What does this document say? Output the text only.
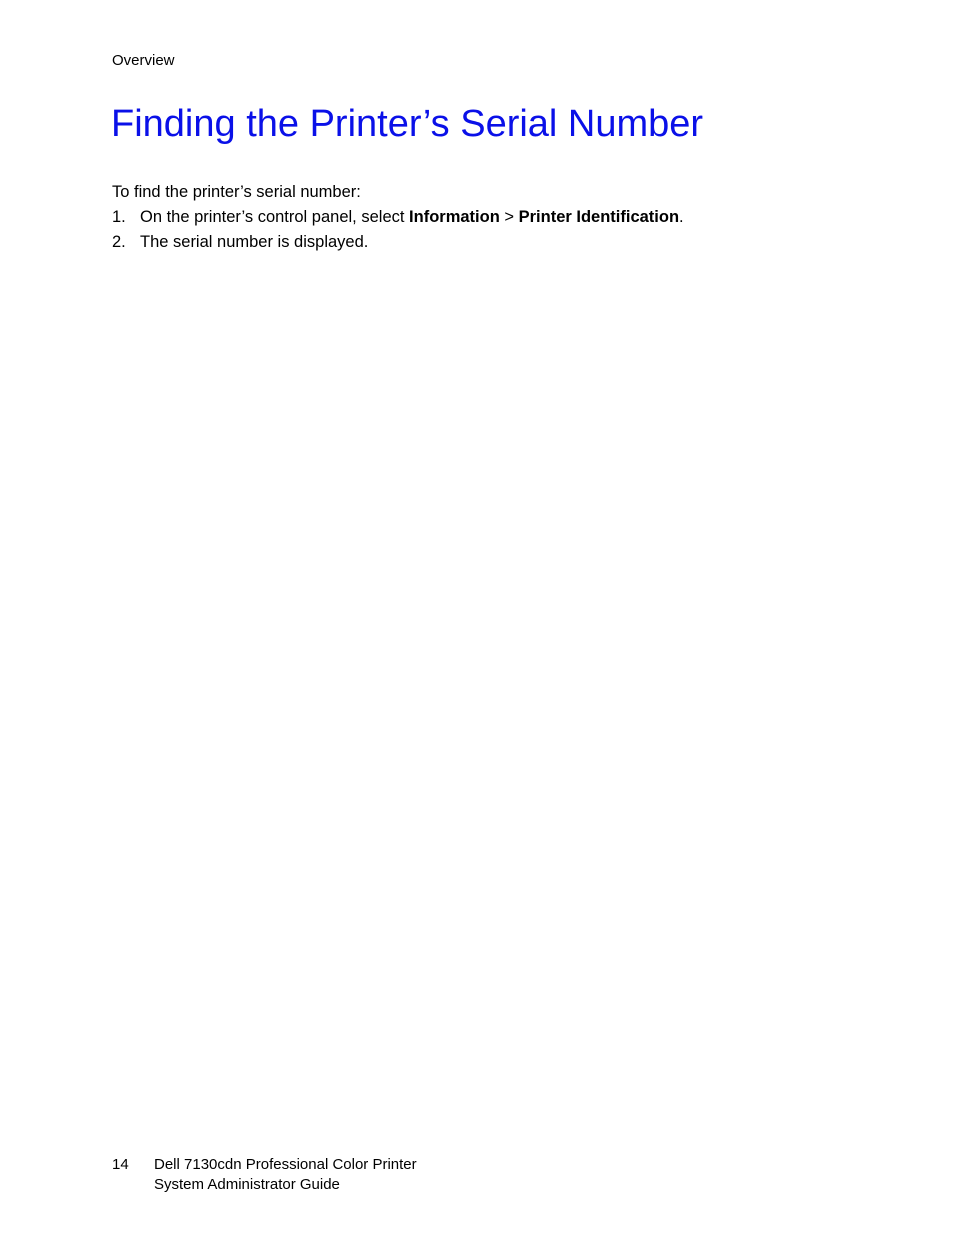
Overview
Finding the Printer’s Serial Number
To find the printer’s serial number:
1. On the printer’s control panel, select Information > Printer Identification.
2. The serial number is displayed.
14 Dell 7130cdn Professional Color Printer
System Administrator Guide
